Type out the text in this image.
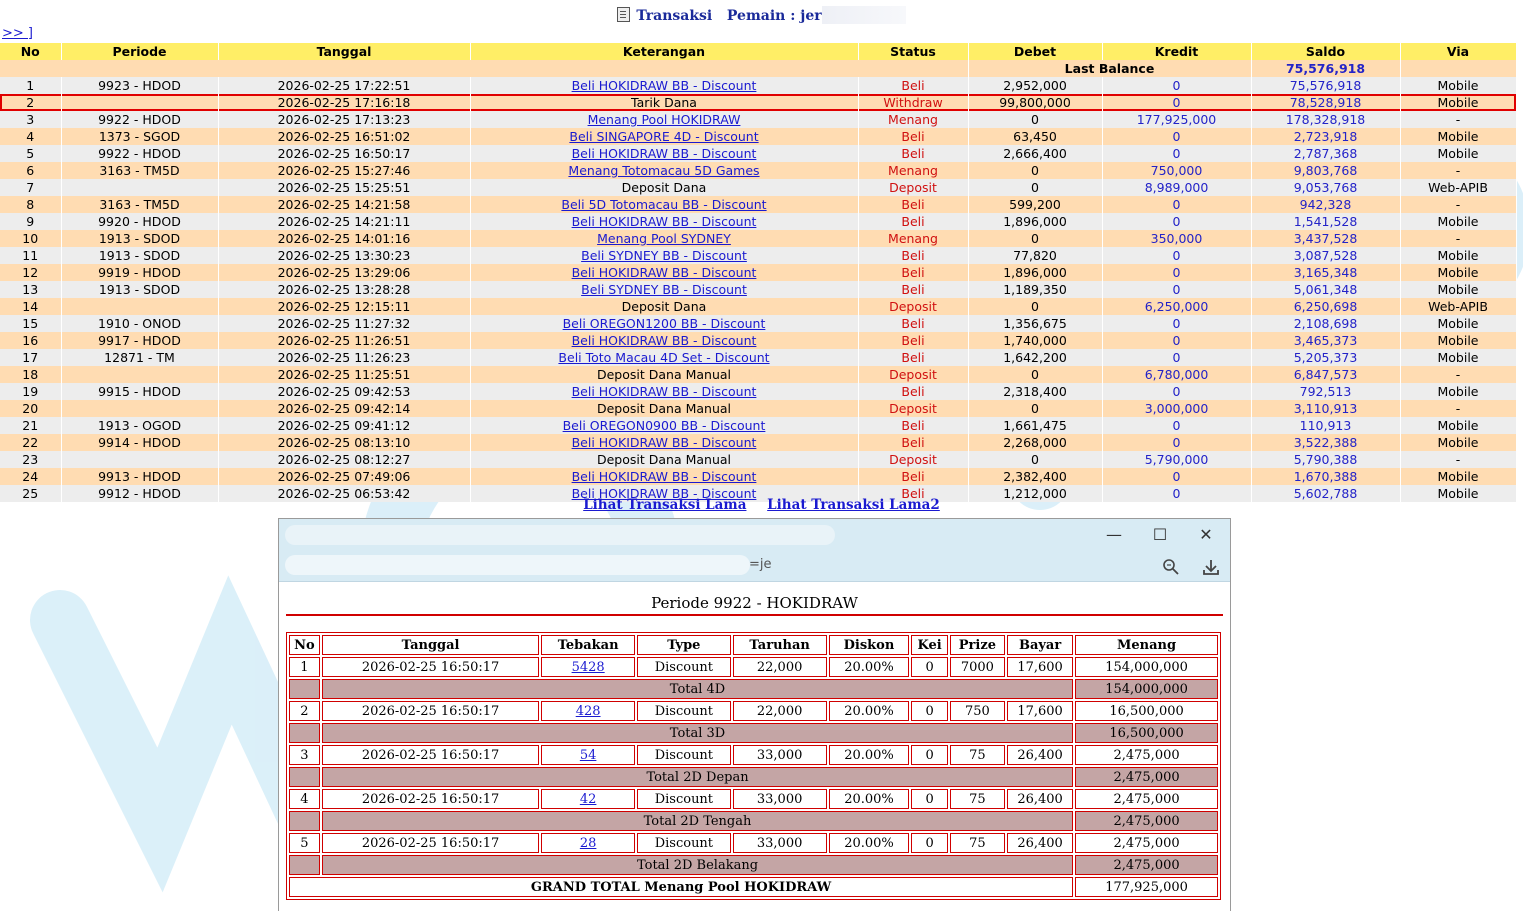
Transaksi Pemain : jer
>> ]
No	Periode	Tanggal	Keterangan	Status	Debet	Kredit	Saldo	Via
					Last Balance		75,576,918	
1	9923 - HDOD	2026-02-25 17:22:51	Beli HOKIDRAW BB - Discount	Beli	2,952,000	0	75,576,918	Mobile
2		2026-02-25 17:16:18	Tarik Dana	Withdraw	99,800,000	0	78,528,918	Mobile
3	9922 - HDOD	2026-02-25 17:13:23	Menang Pool HOKIDRAW	Menang	0	177,925,000	178,328,918	-
4	1373 - SGOD	2026-02-25 16:51:02	Beli SINGAPORE 4D - Discount	Beli	63,450	0	2,723,918	Mobile
5	9922 - HDOD	2026-02-25 16:50:17	Beli HOKIDRAW BB - Discount	Beli	2,666,400	0	2,787,368	Mobile
6	3163 - TM5D	2026-02-25 15:27:46	Menang Totomacau 5D Games	Menang	0	750,000	9,803,768	-
7		2026-02-25 15:25:51	Deposit Dana	Deposit	0	8,989,000	9,053,768	Web-APIB
8	3163 - TM5D	2026-02-25 14:21:58	Beli 5D Totomacau BB - Discount	Beli	599,200	0	942,328	-
9	9920 - HDOD	2026-02-25 14:21:11	Beli HOKIDRAW BB - Discount	Beli	1,896,000	0	1,541,528	Mobile
10	1913 - SDOD	2026-02-25 14:01:16	Menang Pool SYDNEY	Menang	0	350,000	3,437,528	-
11	1913 - SDOD	2026-02-25 13:30:23	Beli SYDNEY BB - Discount	Beli	77,820	0	3,087,528	Mobile
12	9919 - HDOD	2026-02-25 13:29:06	Beli HOKIDRAW BB - Discount	Beli	1,896,000	0	3,165,348	Mobile
13	1913 - SDOD	2026-02-25 13:28:28	Beli SYDNEY BB - Discount	Beli	1,189,350	0	5,061,348	Mobile
14		2026-02-25 12:15:11	Deposit Dana	Deposit	0	6,250,000	6,250,698	Web-APIB
15	1910 - ONOD	2026-02-25 11:27:32	Beli OREGON1200 BB - Discount	Beli	1,356,675	0	2,108,698	Mobile
16	9917 - HDOD	2026-02-25 11:26:51	Beli HOKIDRAW BB - Discount	Beli	1,740,000	0	3,465,373	Mobile
17	12871 - TM	2026-02-25 11:26:23	Beli Toto Macau 4D Set - Discount	Beli	1,642,200	0	5,205,373	Mobile
18		2026-02-25 11:25:51	Deposit Dana Manual	Deposit	0	6,780,000	6,847,573	-
19	9915 - HDOD	2026-02-25 09:42:53	Beli HOKIDRAW BB - Discount	Beli	2,318,400	0	792,513	Mobile
20		2026-02-25 09:42:14	Deposit Dana Manual	Deposit	0	3,000,000	3,110,913	-
21	1913 - OGOD	2026-02-25 09:41:12	Beli OREGON0900 BB - Discount	Beli	1,661,475	0	110,913	Mobile
22	9914 - HDOD	2026-02-25 08:13:10	Beli HOKIDRAW BB - Discount	Beli	2,268,000	0	3,522,388	Mobile
23		2026-02-25 08:12:27	Deposit Dana Manual	Deposit	0	5,790,000	5,790,388	-
24	9913 - HDOD	2026-02-25 07:49:06	Beli HOKIDRAW BB - Discount	Beli	2,382,400	0	1,670,388	Mobile
25	9912 - HDOD	2026-02-25 06:53:42	Beli HOKIDRAW BB - Discount	Beli	1,212,000	0	5,602,788	Mobile
Lihat Transaksi Lama Lihat Transaksi Lama2
—	☐	✕
=je
Periode 9922 - HOKIDRAW
No	Tanggal	Tebakan	Type	Taruhan	Diskon	Kei	Prize	Bayar	Menang
1	2026-02-25 16:50:17	5428	Discount	22,000	20.00%	0	7000	17,600	154,000,000
	Total 4D								154,000,000
2	2026-02-25 16:50:17	428	Discount	22,000	20.00%	0	750	17,600	16,500,000
	Total 3D								16,500,000
3	2026-02-25 16:50:17	54	Discount	33,000	20.00%	0	75	26,400	2,475,000
	Total 2D Depan								2,475,000
4	2026-02-25 16:50:17	42	Discount	33,000	20.00%	0	75	26,400	2,475,000
	Total 2D Tengah								2,475,000
5	2026-02-25 16:50:17	28	Discount	33,000	20.00%	0	75	26,400	2,475,000
	Total 2D Belakang								2,475,000
GRAND TOTAL Menang Pool HOKIDRAW									177,925,000
